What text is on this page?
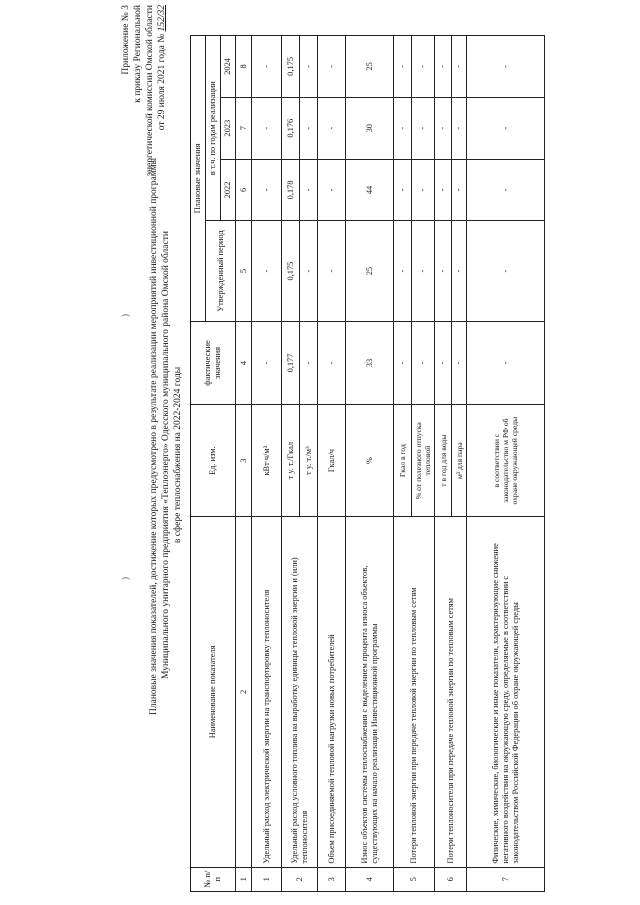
Приложение № 3 к приказу Региональной энергетической комиссии Омской области от 29 июля 2021 года № 152/32
)
) Плановые значения показателей, достижение которых предусмотрено в результате реализации мероприятий инвестиционной программы Муниципального унитарного предприятия «Теплоэнерго» Одесского муниципального района Омской области в сфере теплоснабжения на 2022-2024 годы
№ п/п	Наименование показателя	Ед. изм.	фактические значения	Плановые значения			
				Утвержденный период	в т.ч. по годам реализации		
					2022	2023	2024
1	2	3	4	5	6	7	8
1	Удельный расход электрической энергии на транспортировку теплоносителя	кВт∙ч/м³	-	-	-	-	-
2	Удельный расход условного топлива на выработку единицы тепловой энергии и (или) теплоносителя	т у. т./Гкал	0,177	0,175	0,178	0,176	0,175
		т у. т./м³	-	-	-	-	-
3	Объем присоединяемой тепловой нагрузки новых потребителей	Гкал/ч	-	-	-	-	-
4	Износ объектов системы теплоснабжения с выделением процента износа объектов, существующих на начало реализации Инвестиционной программы	%	33	25	44	30	25
5	Потери тепловой энергии при передаче тепловой энергии по тепловым сетям	Гкал в год	-	-	-	-	-
		% от полезного отпуска тепловой	-	-	-	-	-
6	Потери теплоносителя при передаче тепловой энергии по тепловым сетям	т в год для воды	-	-	-	-	-
		м³ для пара	-	-	-	-	-
7	Физические, химические, биологические и иные показатели, характеризующие снижение негативного воздействия на окружающую среду, определяемые в соответствии с законодательством Российской Федерации об охране окружающей среды	в соответствии с законодательство м РФ об охране окружающей среды	-	-	-	-	-
